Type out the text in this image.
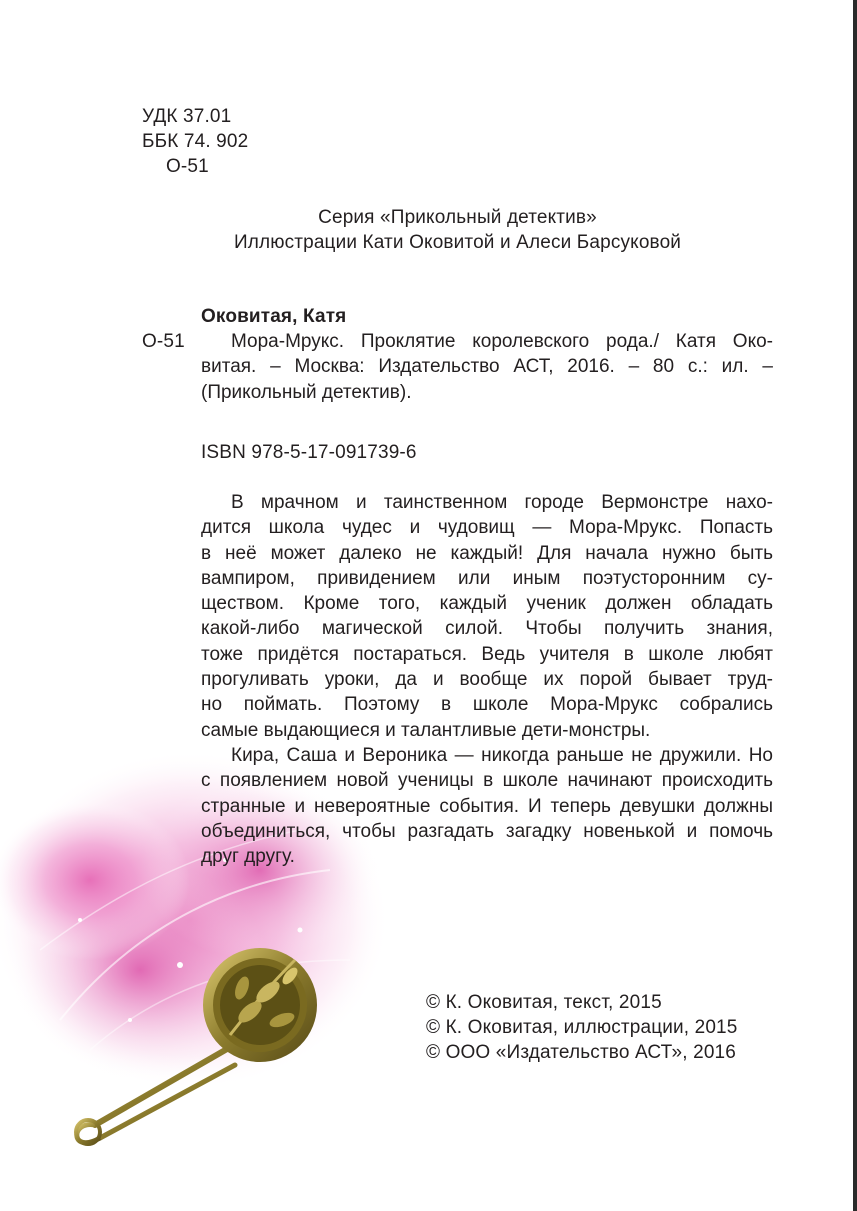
УДК 37.01
ББК 74. 902
О-51
Серия «Прикольный детектив»
Иллюстрации Кати Оковитой и Алеси Барсуковой
Оковитая, Катя
О-51	Мора-Мрукс. Проклятие королевского рода./ Катя Око-
витая. – Москва: Издательство АСТ, 2016. – 80 с.: ил. –
(Прикольный детектив).
ISBN 978-5-17-091739-6
В мрачном и таинственном городе Вермонстре нахо-
дится школа чудес и чудовищ — Мора-Мрукс. Попасть
в неё может далеко не каждый! Для начала нужно быть
вампиром, привидением или иным поэтусторонним су-
ществом. Кроме того, каждый ученик должен обладать
какой-либо магической силой. Чтобы получить знания,
тоже придётся постараться. Ведь учителя в школе любят
прогуливать уроки, да и вообще их порой бывает труд-
но поймать. Поэтому в школе Мора-Мрукс собрались
самые выдающиеся и талантливые дети-монстры.
Кира, Саша и Вероника — никогда раньше не дружили. Но
с появлением новой ученицы в школе начинают происходить
странные и невероятные события. И теперь девушки должны
объединиться, чтобы разгадать загадку новенькой и помочь
друг другу.
© К. Оковитая, текст, 2015
© К. Оковитая, иллюстрации, 2015
© ООО «Издательство АСТ», 2016
